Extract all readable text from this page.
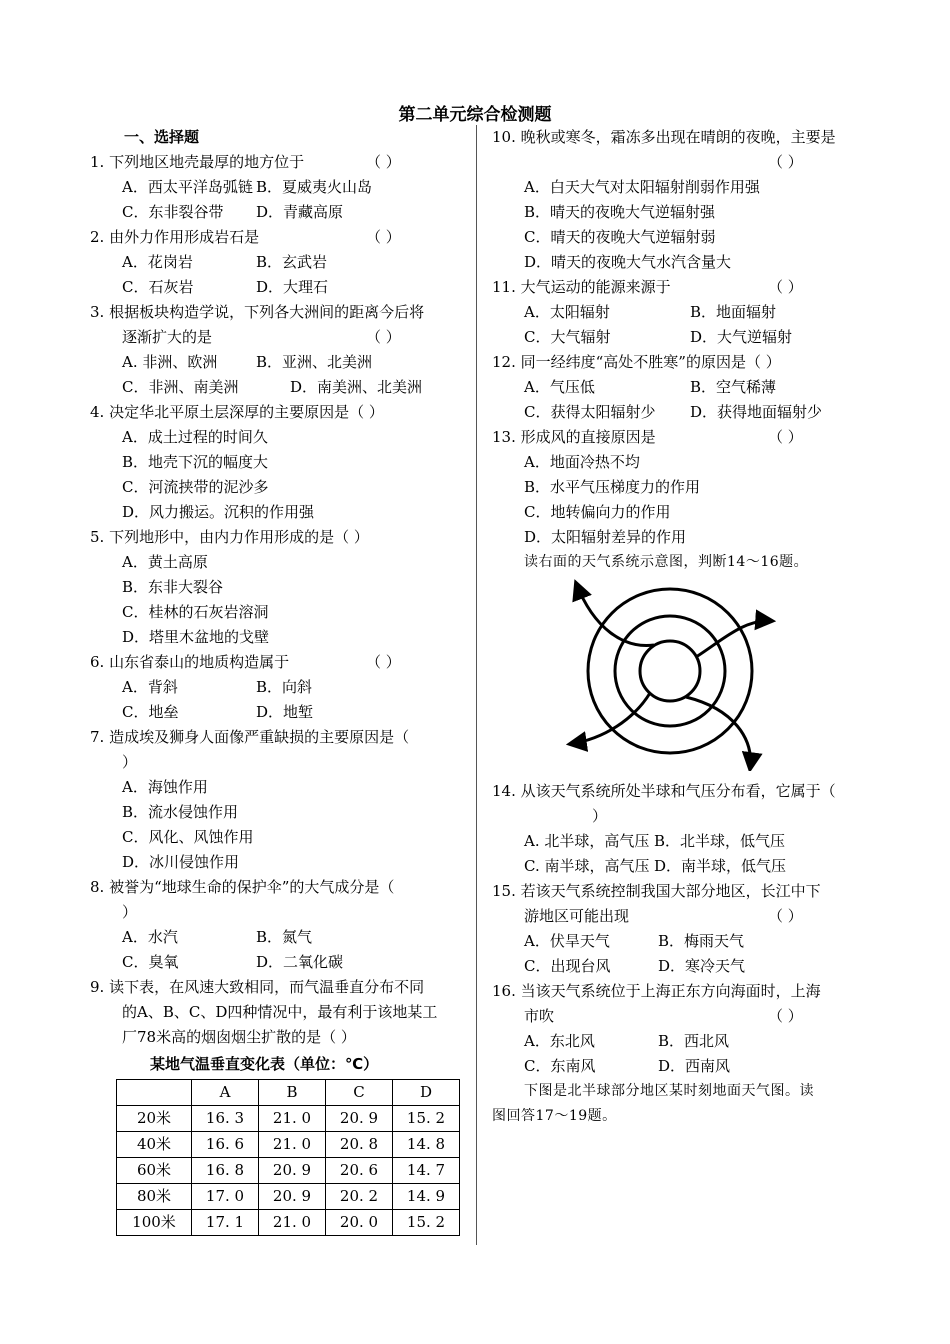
第二单元综合检测题
一、选择题
1. 下列地区地壳最厚的地方位于	（ ）
A．西太平洋岛弧链 B．夏威夷火山岛
C．东非裂谷带	D．青藏高原
2. 由外力作用形成岩石是	（ ）
A．花岗岩	B．玄武岩
C．石灰岩	D．大理石
3. 根据板块构造学说，下列各大洲间的距离今后将
逐渐扩大的是	（ ）
A. 非洲、欧洲	B．亚洲、北美洲
C．非洲、南美洲	D．南美洲、北美洲
4. 决定华北平原土层深厚的主要原因是（ ）
A．成土过程的时间久
B．地壳下沉的幅度大
C．河流挟带的泥沙多
D．风力搬运。沉积的作用强
5. 下列地形中，由内力作用形成的是（ ）
A．黄土高原
B．东非大裂谷
C．桂林的石灰岩溶洞
D．塔里木盆地的戈壁
6. 山东省泰山的地质构造属于	（ ）
A．背斜	B．向斜
C．地垒	D．地堑
7. 造成埃及狮身人面像严重缺损的主要原因是（
）
A．海蚀作用
B．流水侵蚀作用
C．风化、风蚀作用
D．冰川侵蚀作用
8. 被誉为“地球生命的保护伞”的大气成分是（
）
A．水汽	B．氮气
C．臭氧	D．二氧化碳
9. 读下表，在风速大致相同，而气温垂直分布不同
的A、B、C、D四种情况中，最有利于该地某工
厂78米高的烟囱烟尘扩散的是（ ）
某地气温垂直变化表（单位：℃）
	A	B	C	D
20米	16. 3	21. 0	20. 9	15. 2
40米	16. 6	21. 0	20. 8	14. 8
60米	16. 8	20. 9	20. 6	14. 7
80米	17. 0	20. 9	20. 2	14. 9
100米	17. 1	21. 0	20. 0	15. 2
10. 晚秋或寒冬，霜冻多出现在晴朗的夜晚，主要是
（ ）
A．白天大气对太阳辐射削弱作用强
B．晴天的夜晚大气逆辐射强
C．晴天的夜晚大气逆辐射弱
D．晴天的夜晚大气水汽含量大
11. 大气运动的能源来源于	（ ）
A．太阳辐射	B．地面辐射
C．大气辐射	D．大气逆辐射
12. 同一经纬度“高处不胜寒”的原因是（ ）
A．气压低	B．空气稀薄
C．获得太阳辐射少	D．获得地面辐射少
13. 形成风的直接原因是	（ ）
A．地面冷热不均
B．水平气压梯度力的作用
C．地转偏向力的作用
D．太阳辐射差异的作用
读右面的天气系统示意图，判断14～16题。
14. 从该天气系统所处半球和气压分布看，它属于（
）
A. 北半球，高气压 B．北半球，低气压
C. 南半球，高气压 D．南半球，低气压
15. 若该天气系统控制我国大部分地区，长江中下
游地区可能出现	（ ）
A．伏旱天气	B．梅雨天气
C．出现台风	D．寒冷天气
16. 当该天气系统位于上海正东方向海面时，上海
市吹	（ ）
A．东北风	B．西北风
C．东南风	D．西南风
下图是北半球部分地区某时刻地面天气图。读
图回答17～19题。
